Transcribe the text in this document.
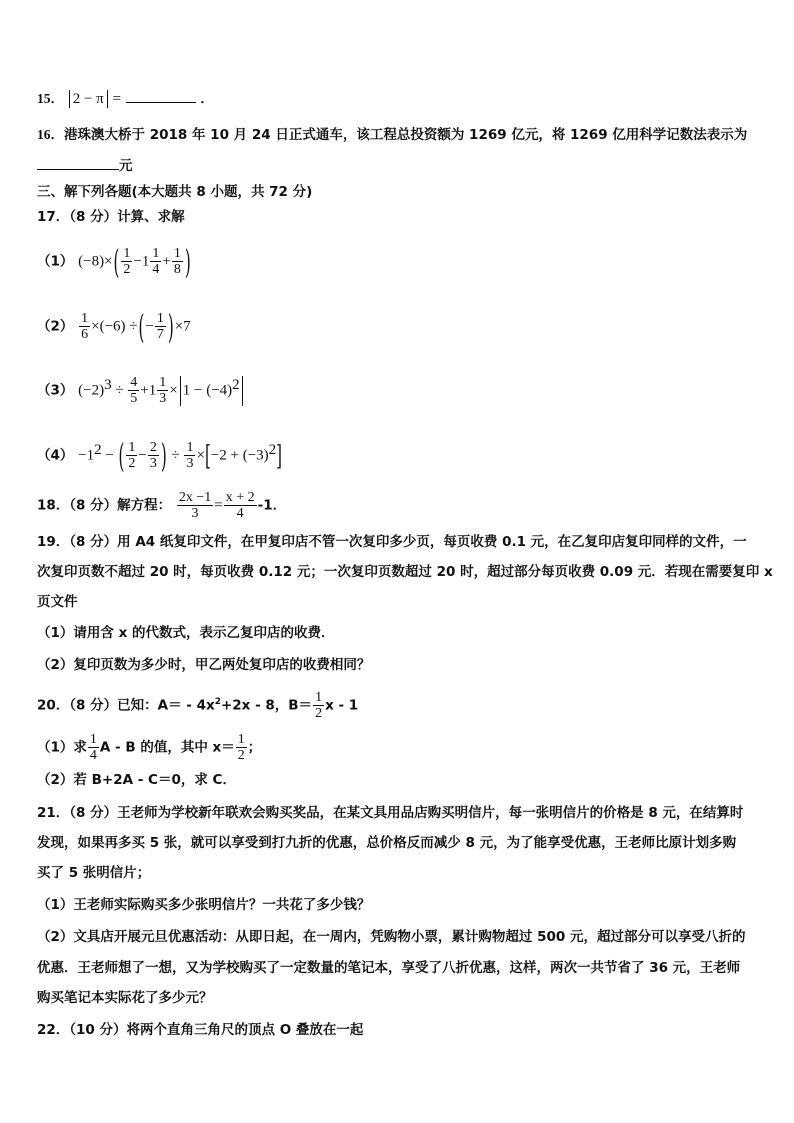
15． 2 − π =	．
16．港珠澳大桥于 2018 年 10 月 24 日正式通车，该工程总投资额为 1269 亿元，将 1269 亿用科学记数法表示为
元
三、解下列各题(本大题共 8 小题，共 72 分)
17．（8 分）计算、求解
（1） $(-8)\times( \frac{1}{2} -1 \frac{1}{4} + \frac{1}{8}$ )
$(2) \frac{1}{6} \times(-6)$ ÷(− $\frac{1}{7} )\times 7$
（3） $(-2)^3 \div \frac{4}{5} +1 \frac{1}{3} \times 1 - (-4)^2$
$(4) -1^2$ − ( $\frac{1}{2} - \frac{2}{3}$ ) ÷ $\frac{1}{3} \times[-2 + (-3)^2]$
18．（8 分）解方程： $\frac{2x -1}{3} = \frac{x + 2}{4} -1$．
19．（8 分）用 A4 纸复印文件，在甲复印店不管一次复印多少页，每页收费 0.1 元，在乙复印店复印同样的文件，一
次复印页数不超过 20 时，每页收费 0.12 元；一次复印页数超过 20 时，超过部分每页收费 0.09 元．若现在需要复印 x
页文件
（1）请用含 x 的代数式，表示乙复印店的收费．
（2）复印页数为多少时，甲乙两处复印店的收费相同？
20．（8 分）已知：$A= - 4x^2+2x - 8$，$B= \frac{1}{2}$ x - 1
（1）求 $\frac{1}{4}$ A - B 的值，其中 $x= \frac{1}{2}$ ；
（2）若 B+2A - C＝0，求 C．
21．（8 分）王老师为学校新年联欢会购买奖品，在某文具用品店购买明信片，每一张明信片的价格是 8 元，在结算时
发现，如果再多买 5 张，就可以享受到打九折的优惠，总价格反而减少 8 元，为了能享受优惠，王老师比原计划多购
买了 5 张明信片；
（1）王老师实际购买多少张明信片？一共花了多少钱？
（2）文具店开展元旦优惠活动：从即日起，在一周内，凭购物小票，累计购物超过 500 元，超过部分可以享受八折的
优惠．王老师想了一想，又为学校购买了一定数量的笔记本，享受了八折优惠，这样，两次一共节省了 36 元，王老师
购买笔记本实际花了多少元？
22．（10 分）将两个直角三角尺的顶点 O 叠放在一起
